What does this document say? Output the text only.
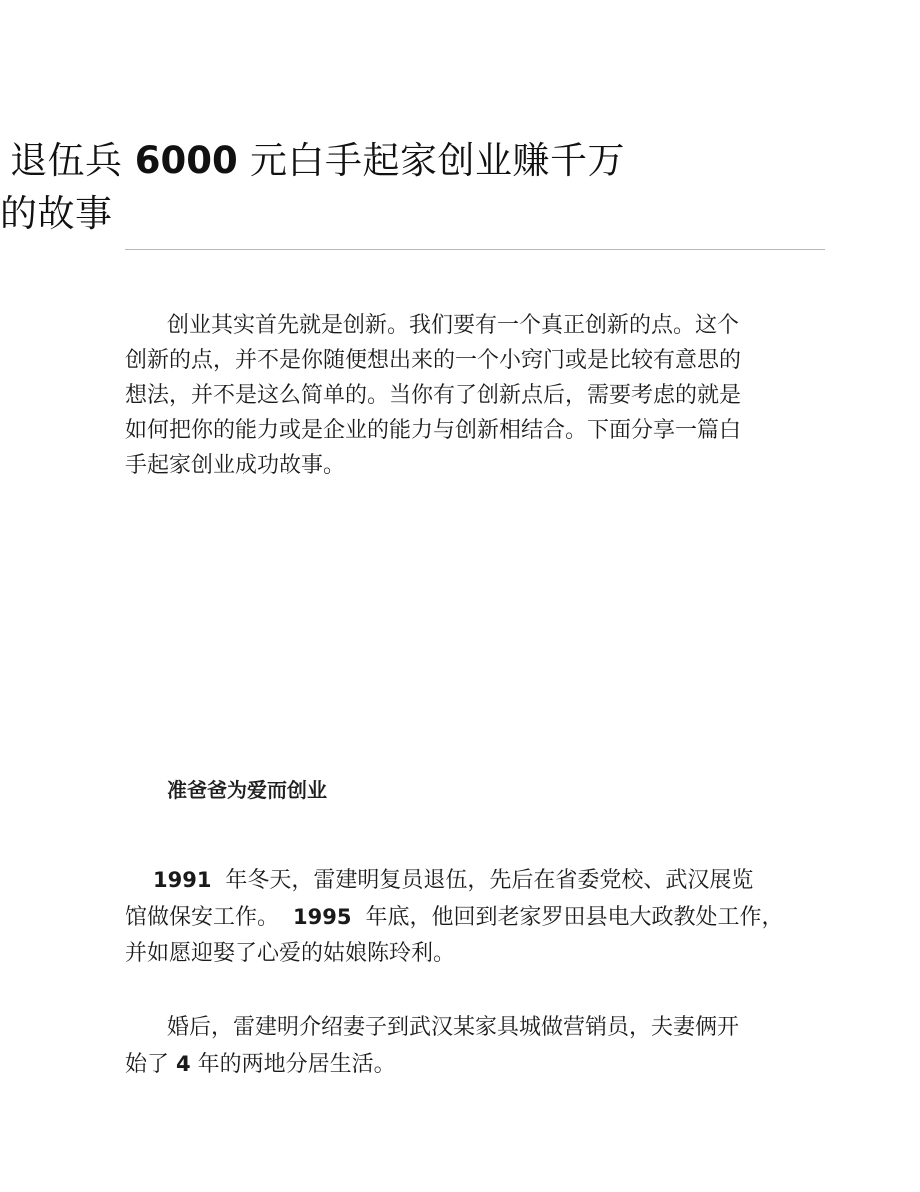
退伍兵 6000 元白手起家创业赚千万
的故事
创业其实首先就是创新。我们要有一个真正创新的点。这个
创新的点，并不是你随便想出来的一个小窍门或是比较有意思的
想法，并不是这么简单的。当你有了创新点后，需要考虑的就是
如何把你的能力或是企业的能力与创新相结合。下面分享一篇白
手起家创业成功故事。
准爸爸为爱而创业
1991  年冬天，雷建明复员退伍，先后在省委党校、武汉展览
馆做保安工作。  1995  年底，他回到老家罗田县电大政教处工作，
并如愿迎娶了心爱的姑娘陈玲利。
婚后，雷建明介绍妻子到武汉某家具城做营销员，夫妻俩开
始了 4 年的两地分居生活。
